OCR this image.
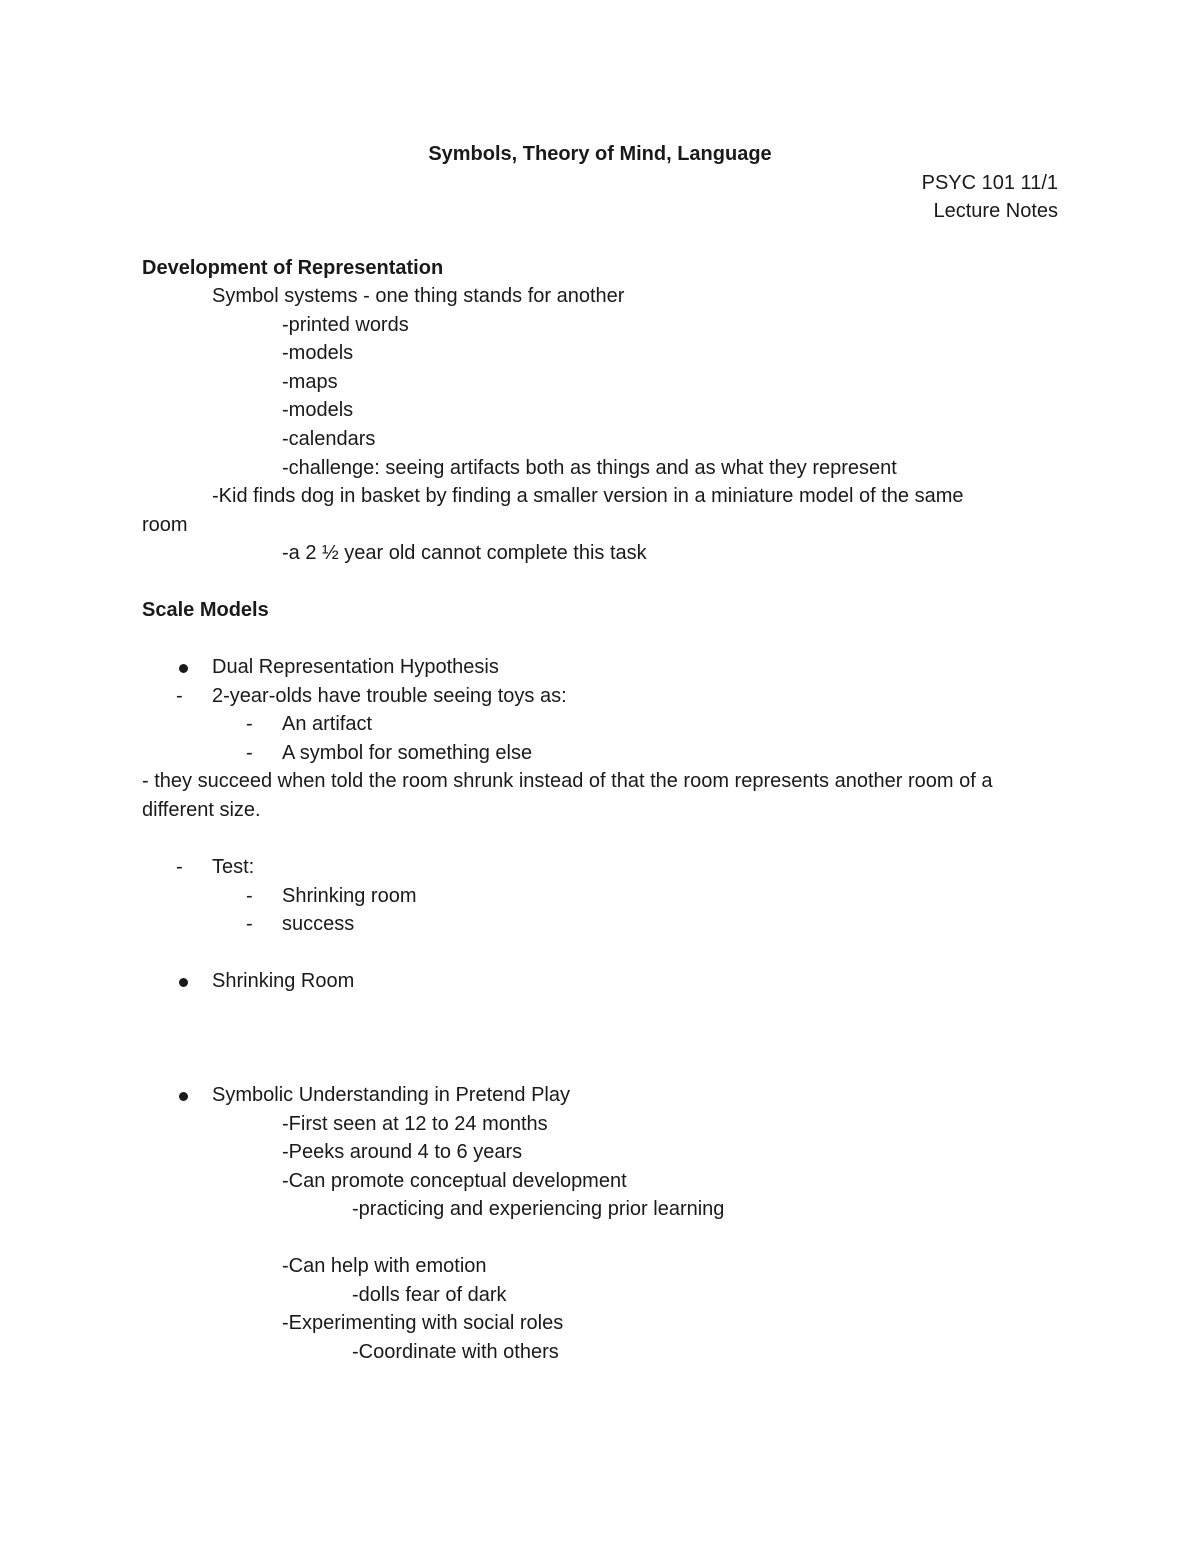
Symbols, Theory of Mind, Language
PSYC 101 11/1
Lecture Notes
Development of Representation
Symbol systems - one thing stands for another
-printed words
-models
-maps
-models
-calendars
-challenge: seeing artifacts both as things and as what they represent
-Kid finds dog in basket by finding a smaller version in a miniature model of the same
room
-a 2 ½ year old cannot complete this task
Scale Models
Dual Representation Hypothesis
- 2-year-olds have trouble seeing toys as:
- An artifact
- A symbol for something else
- they succeed when told the room shrunk instead of that the room represents another room of a
different size.
- Test:
- Shrinking room
- success
Shrinking Room
Symbolic Understanding in Pretend Play
-First seen at 12 to 24 months
-Peeks around 4 to 6 years
-Can promote conceptual development
-practicing and experiencing prior learning
-Can help with emotion
-dolls fear of dark
-Experimenting with social roles
-Coordinate with others
